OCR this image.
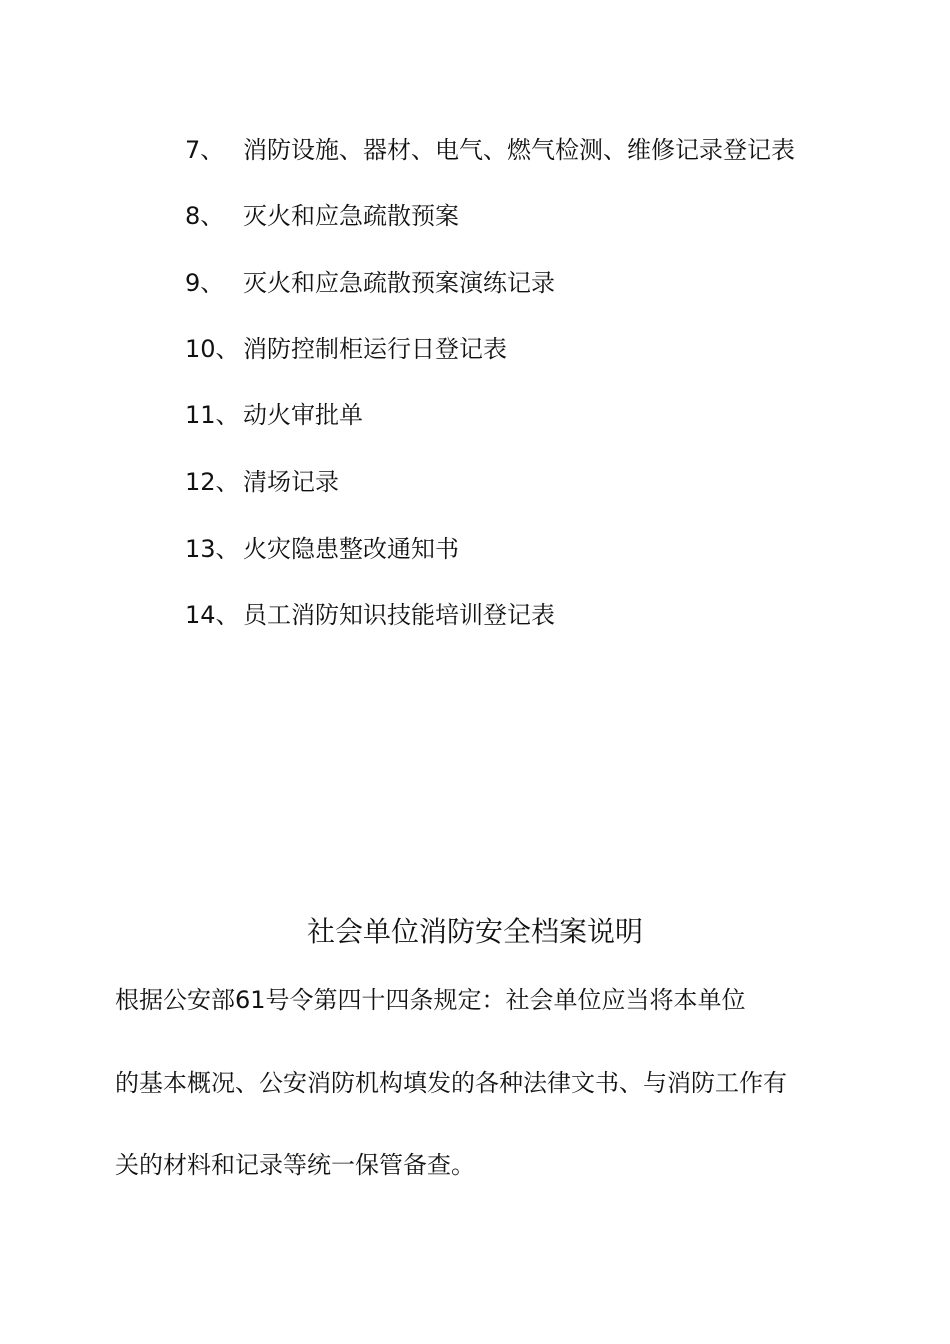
7、 消防设施、器材、电气、燃气检测、维修记录登记表
8、 灭火和应急疏散预案
9、 灭火和应急疏散预案演练记录
10、 消防控制柜运行日登记表
11、 动火审批单
12、 清场记录
13、 火灾隐患整改通知书
14、 员工消防知识技能培训登记表
社会单位消防安全档案说明
根据公安部61号令第四十四条规定：社会单位应当将本单位
的基本概况、公安消防机构填发的各种法律文书、与消防工作有
关的材料和记录等统一保管备查。
